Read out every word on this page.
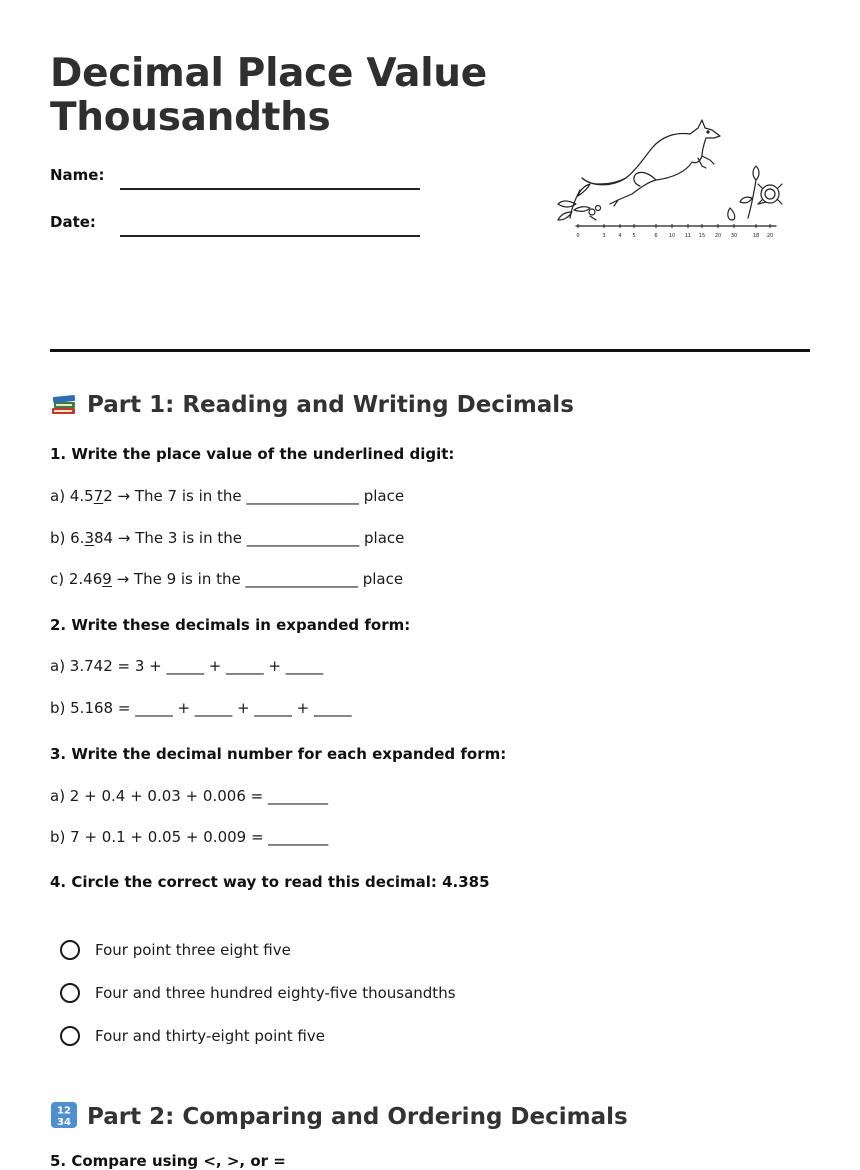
Decimal Place Value
Thousandths
Name:
Date:
0	3	4 5	6 10 11 15 20 30	18 20
Part 1: Reading and Writing Decimals

1. Write the place value of the underlined digit:

a) 4.572 → The 7 is in the _______________ place
b) 6.384 → The 3 is in the _______________ place
c) 2.469 → The 9 is in the _______________ place

2. Write these decimals in expanded form:

a) 3.742 = 3 + _____ + _____ + _____
b) 5.168 = _____ + _____ + _____ + _____

3. Write the decimal number for each expanded form:

a) 2 + 0.4 + 0.03 + 0.006 = ________
b) 7 + 0.1 + 0.05 + 0.009 = ________

4. Circle the correct way to read this decimal: 4.385

Four point three eight five
Four and three hundred eighty-five thousandths
Four and thirty-eight point five
12
34 Part 2: Comparing and Ordering Decimals
5. Compare using <, >, or =
